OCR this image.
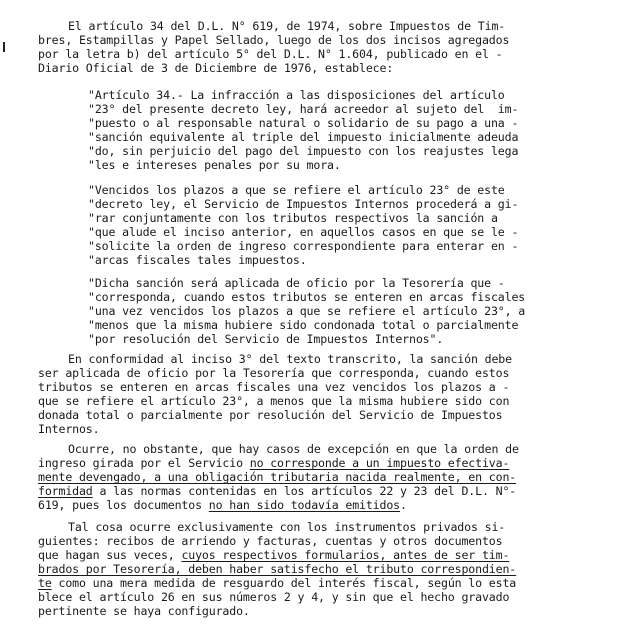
El artículo 34 del D.L. N° 619, de 1974, sobre Impuestos de Tim-
bres, Estampillas y Papel Sellado, luego de los dos incisos agregados
por la letra b) del artículo 5° del D.L. N° 1.604, publicado en el -
Diario Oficial de 3 de Diciembre de 1976, establece:
"Artículo 34.- La infracción a las disposiciones del artículo
"23° del presente decreto ley, hará acreedor al sujeto del  im-
"puesto o al responsable natural o solidario de su pago a una -
"sanción equivalente al triple del impuesto inicialmente adeuda
"do, sin perjuicio del pago del impuesto con los reajustes lega
"les e intereses penales por su mora.
"Vencidos los plazos a que se refiere el artículo 23° de este
"decreto ley, el Servicio de Impuestos Internos procederá a gi-
"rar conjuntamente con los tributos respectivos la sanción a
"que alude el inciso anterior, en aquellos casos en que se le -
"solicite la orden de ingreso correspondiente para enterar en -
"arcas fiscales tales impuestos.
"Dicha sanción será aplicada de oficio por la Tesorería que -
"corresponda, cuando estos tributos se enteren en arcas fiscales
"una vez vencidos los plazos a que se refiere el artículo 23°, a
"menos que la misma hubiere sido condonada total o parcialmente
"por resolución del Servicio de Impuestos Internos".
En conformidad al inciso 3° del texto transcrito, la sanción debe
ser aplicada de oficio por la Tesorería que corresponda, cuando estos
tributos se enteren en arcas fiscales una vez vencidos los plazos a -
que se refiere el artículo 23°, a menos que la misma hubiere sido con
donada total o parcialmente por resolución del Servicio de Impuestos
Internos.
Ocurre, no obstante, que hay casos de excepción en que la orden de
ingreso girada por el Servicio no corresponde a un impuesto efectiva-
mente devengado, a una obligación tributaria nacida realmente, en con-
formidad a las normas contenidas en los artículos 22 y 23 del D.L. N°-
619, pues los documentos no han sido todavía emitidos.
Tal cosa ocurre exclusivamente con los instrumentos privados si-
guientes: recibos de arriendo y facturas, cuentas y otros documentos
que hagan sus veces, cuyos respectivos formularios, antes de ser tim-
brados por Tesorería, deben haber satisfecho el tributo correspondien-
te como una mera medida de resguardo del interés fiscal, según lo esta
blece el artículo 26 en sus números 2 y 4, y sin que el hecho gravado
pertinente se haya configurado.
